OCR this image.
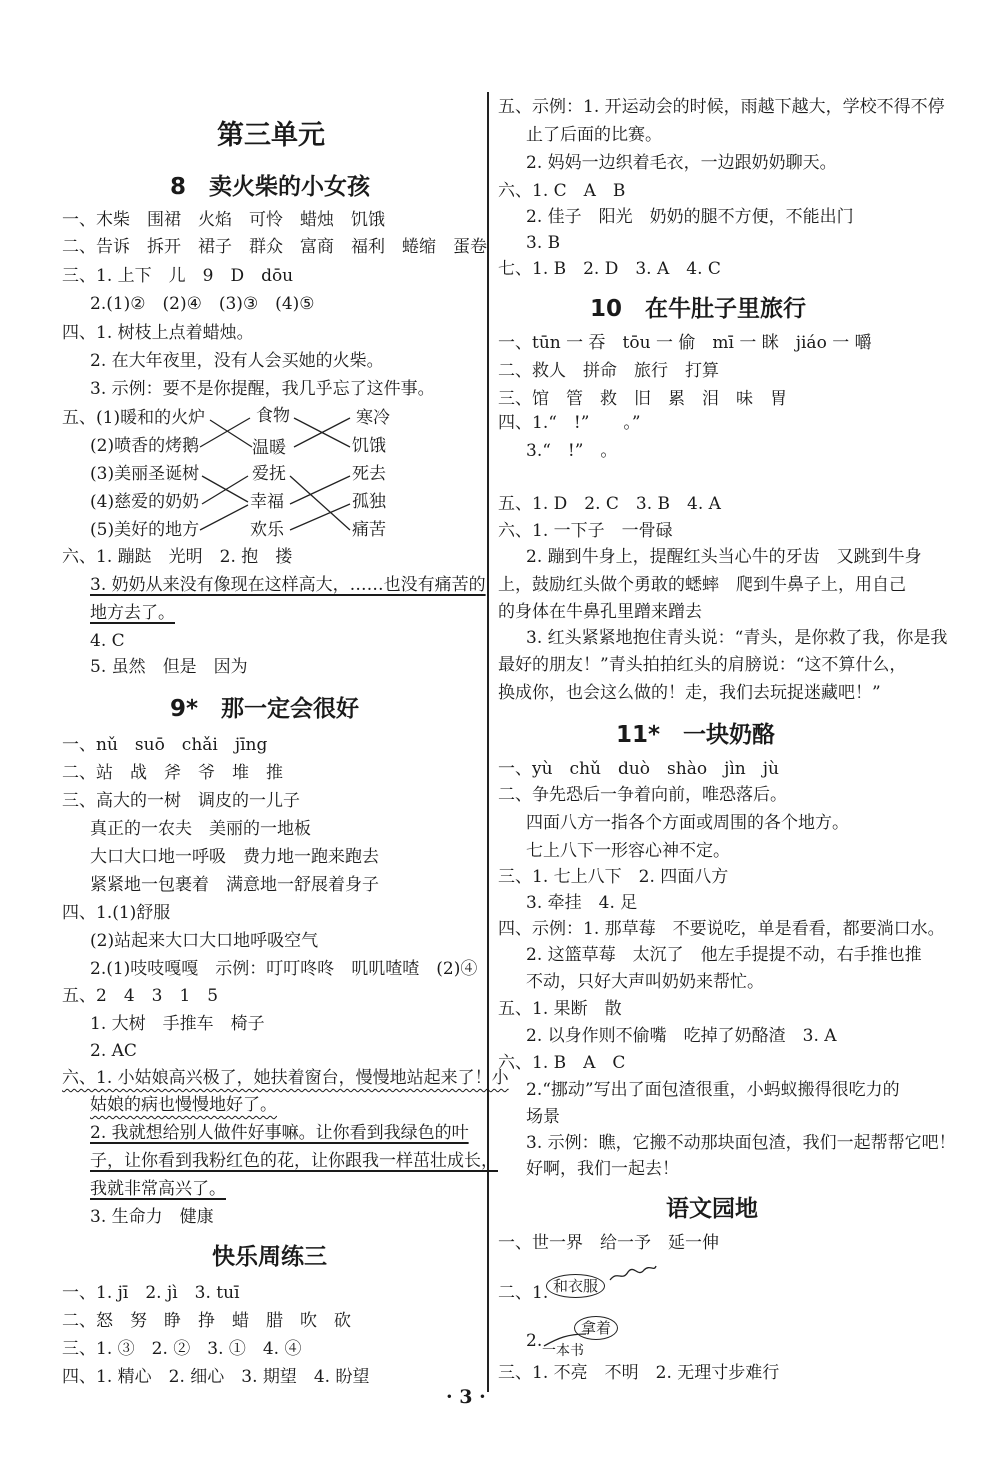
第三单元
8　卖火柴的小女孩
一、木柴　围裙　火焰　可怜　蜡烛　饥饿
二、告诉　拆开　裙子　群众　富商　福利　蜷缩　蛋卷
三、1. 上下　儿　9　D　dōu
2.(1)②　(2)④　(3)③　(4)⑤
四、1. 树枝上点着蜡烛。
2. 在大年夜里，没有人会买她的火柴。
3. 示例：要不是你提醒，我几乎忘了这件事。
五、(1)暖和的火炉
(2)喷香的烤鹅
(3)美丽圣诞树
(4)慈爱的奶奶
(5)美好的地方
食物
温暖
爱抚
幸福
欢乐
寒冷
饥饿
死去
孤独
痛苦
六、1. 蹦跶　光明　2. 抱　搂
3. 奶奶从来没有像现在这样高大，……也没有痛苦的
地方去了。
4. C
5. 虽然　但是　因为
9*　那一定会很好
一、nǔ　suō　chǎi　jīng
二、站　战　斧　爷　堆　推
三、高大的一树　调皮的一儿子
真正的一农夫　美丽的一地板
大口大口地一呼吸　费力地一跑来跑去
紧紧地一包裹着　满意地一舒展着身子
四、1.(1)舒服
(2)站起来大口大口地呼吸空气
2.(1)吱吱嘎嘎　示例：叮叮咚咚　叽叽喳喳　(2)④
五、2　4　3　1　5
1. 大树　手推车　椅子
2. AC
六、1. 小姑娘高兴极了，她扶着窗台，慢慢地站起来了！小
姑娘的病也慢慢地好了。
2. 我就想给别人做件好事嘛。让你看到我绿色的叶
子，让你看到我粉红色的花，让你跟我一样茁壮成长，
我就非常高兴了。
3. 生命力　健康
快乐周练三
一、1. jī　2. jì　3. tuī
二、怒　努　睁　挣　蜡　腊　吹　砍
三、1. ③　2. ②　3. ①　4. ④
四、1. 精心　2. 细心　3. 期望　4. 盼望
五、示例：1. 开运动会的时候，雨越下越大，学校不得不停
止了后面的比赛。
2. 妈妈一边织着毛衣，一边跟奶奶聊天。
六、1. C　A　B
2. 佳子　阳光　奶奶的腿不方便，不能出门
3. B
七、1. B　2. D　3. A　4. C
10　在牛肚子里旅行
一、tūn 一 吞　tōu 一 偷　mī 一 眯　jiáo 一 嚼
二、救人　拼命　旅行　打算
三、馆　管　救　旧　累　泪　味　胃
四、1.“　!”　　。”
3.“　!”　。
五、1. D　2. C　3. B　4. A
六、1. 一下子　一骨碌
2. 蹦到牛身上，提醒红头当心牛的牙齿　又跳到牛身
上，鼓励红头做个勇敢的蟋蟀　爬到牛鼻子上，用自己
的身体在牛鼻孔里蹭来蹭去
3. 红头紧紧地抱住青头说：“青头，是你救了我，你是我
最好的朋友！”青头拍拍红头的肩膀说：“这不算什么，
换成你，也会这么做的！走，我们去玩捉迷藏吧！”
11*　一块奶酪
一、yù　chǔ　duò　shào　jìn　jù
二、争先恐后一争着向前，唯恐落后。
四面八方一指各个方面或周围的各个地方。
七上八下一形容心神不定。
三、1. 七上八下　2. 四面八方
3. 牵挂　4. 足
四、示例：1. 那草莓　不要说吃，单是看看，都要淌口水。
2. 这篮草莓　太沉了　他左手提提不动，右手推也推
不动，只好大声叫奶奶来帮忙。
五、1. 果断　散
2. 以身作则不偷嘴　吃掉了奶酪渣　3. A
六、1. B　A　C
2.“挪动”写出了面包渣很重，小蚂蚁搬得很吃力的
场景
3. 示例：瞧，它搬不动那块面包渣，我们一起帮帮它吧！
好啊，我们一起去！
语文园地
一、世一界　给一予　延一伸
二、1. 和衣服
2.
拿着
一本书
三、1. 不亮　不明　2. 无理寸步难行
· 3 ·
